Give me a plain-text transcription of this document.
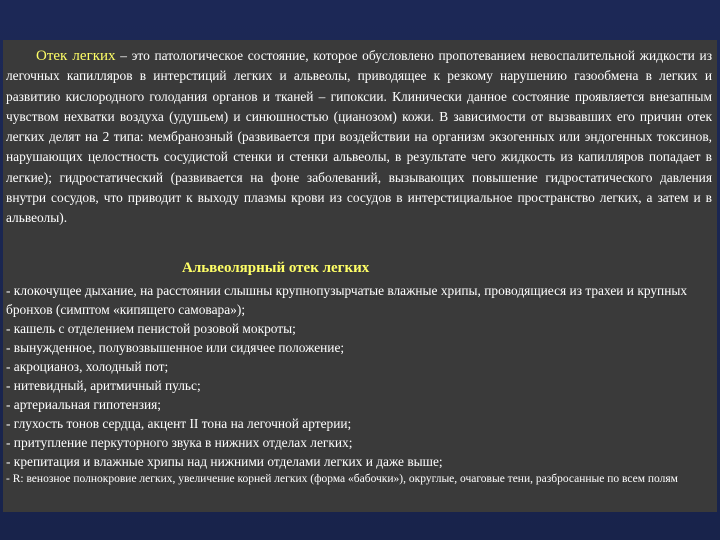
Отек легких – это патологическое состояние, которое обусловлено пропотеванием невоспалительной жидкости из легочных капилляров в интерстиций легких и альвеолы, приводящее к резкому нарушению газообмена в легких и развитию кислородного голодания органов и тканей – гипоксии. Клинически данное состояние проявляется внезапным чувством нехватки воздуха (удушьем) и синюшностью (цианозом) кожи. В зависимости от вызвавших его причин отек легких делят на 2 типа: мембранозный (развивается при воздействии на организм экзогенных или эндогенных токсинов, нарушающих целостность сосудистой стенки и стенки альвеолы, в результате чего жидкость из капилляров попадает в легкие); гидростатический (развивается на фоне заболеваний, вызывающих повышение гидростатического давления внутри сосудов, что приводит к выходу плазмы крови из сосудов в интерстициальное пространство легких, а затем и в альвеолы).

Альвеолярный отек легких
- клокочущее дыхание, на расстоянии слышны крупнопузырчатые влажные хрипы, проводящиеся из трахеи и крупных бронхов (симптом «кипящего самовара»);
- кашель с отделением пенистой розовой мокроты;
- вынужденное, полувозвышенное или сидячее положение;
- акроцианоз, холодный пот;
- нитевидный, аритмичный пульс;
- артериальная гипотензия;
- глухость тонов сердца, акцент II тона на легочной артерии;
- притупление перкуторного звука в нижних отделах легких;
- крепитация и влажные хрипы над нижними отделами легких и даже выше;
- R: венозное полнокровие легких, увеличение корней легких (форма «бабочки»), округлые, очаговые тени, разбросанные по всем полям
